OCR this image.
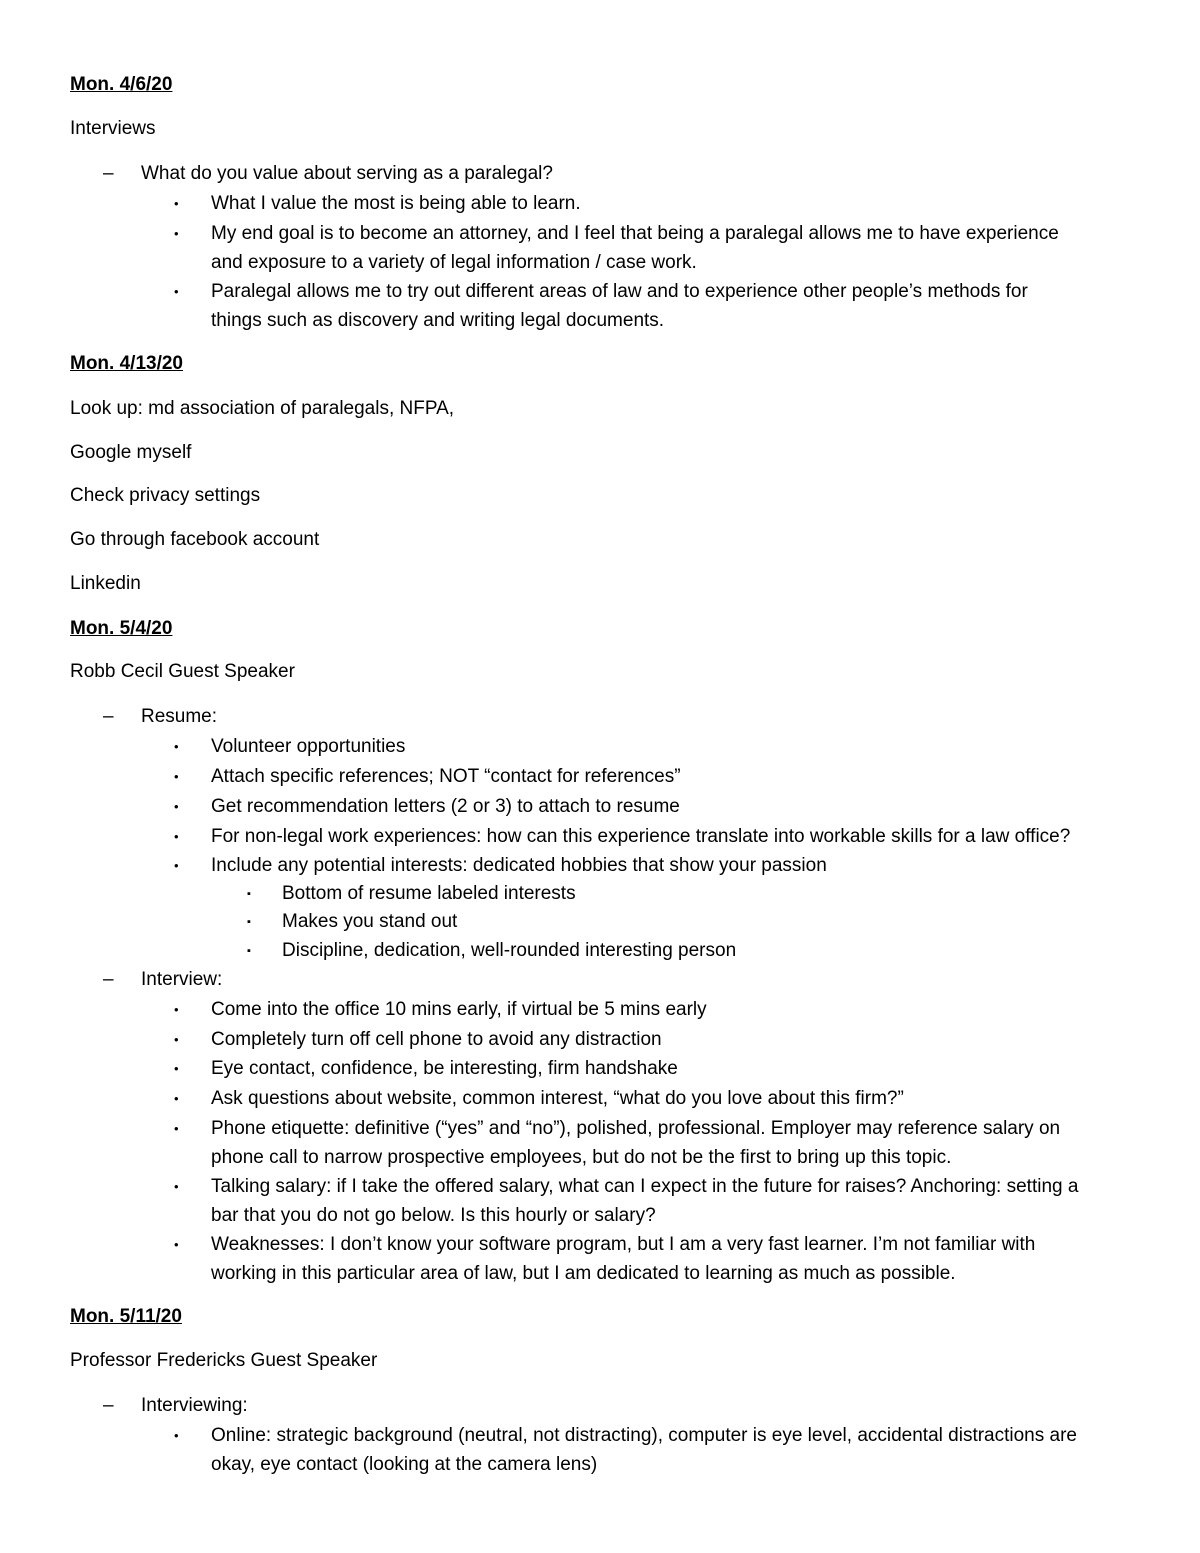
Mon. 4/6/20
Interviews
– What do you value about serving as a paralegal?
• What I value the most is being able to learn.
• My end goal is to become an attorney, and I feel that being a paralegal allows me to have experience
and exposure to a variety of legal information / case work.
• Paralegal allows me to try out different areas of law and to experience other people’s methods for
things such as discovery and writing legal documents.
Mon. 4/13/20
Look up: md association of paralegals, NFPA,
Google myself
Check privacy settings
Go through facebook account
Linkedin
Mon. 5/4/20
Robb Cecil Guest Speaker
– Resume:
• Volunteer opportunities
• Attach specific references; NOT “contact for references”
• Get recommendation letters (2 or 3) to attach to resume
• For non-legal work experiences: how can this experience translate into workable skills for a law office?
• Include any potential interests: dedicated hobbies that show your passion
▪ Bottom of resume labeled interests
▪ Makes you stand out
▪ Discipline, dedication, well-rounded interesting person
– Interview:
• Come into the office 10 mins early, if virtual be 5 mins early
• Completely turn off cell phone to avoid any distraction
• Eye contact, confidence, be interesting, firm handshake
• Ask questions about website, common interest, “what do you love about this firm?”
• Phone etiquette: definitive (“yes” and “no”), polished, professional. Employer may reference salary on
phone call to narrow prospective employees, but do not be the first to bring up this topic.
• Talking salary: if I take the offered salary, what can I expect in the future for raises? Anchoring: setting a
bar that you do not go below. Is this hourly or salary?
• Weaknesses: I don’t know your software program, but I am a very fast learner. I’m not familiar with
working in this particular area of law, but I am dedicated to learning as much as possible.
Mon. 5/11/20
Professor Fredericks Guest Speaker
– Interviewing:
• Online: strategic background (neutral, not distracting), computer is eye level, accidental distractions are
okay, eye contact (looking at the camera lens)
